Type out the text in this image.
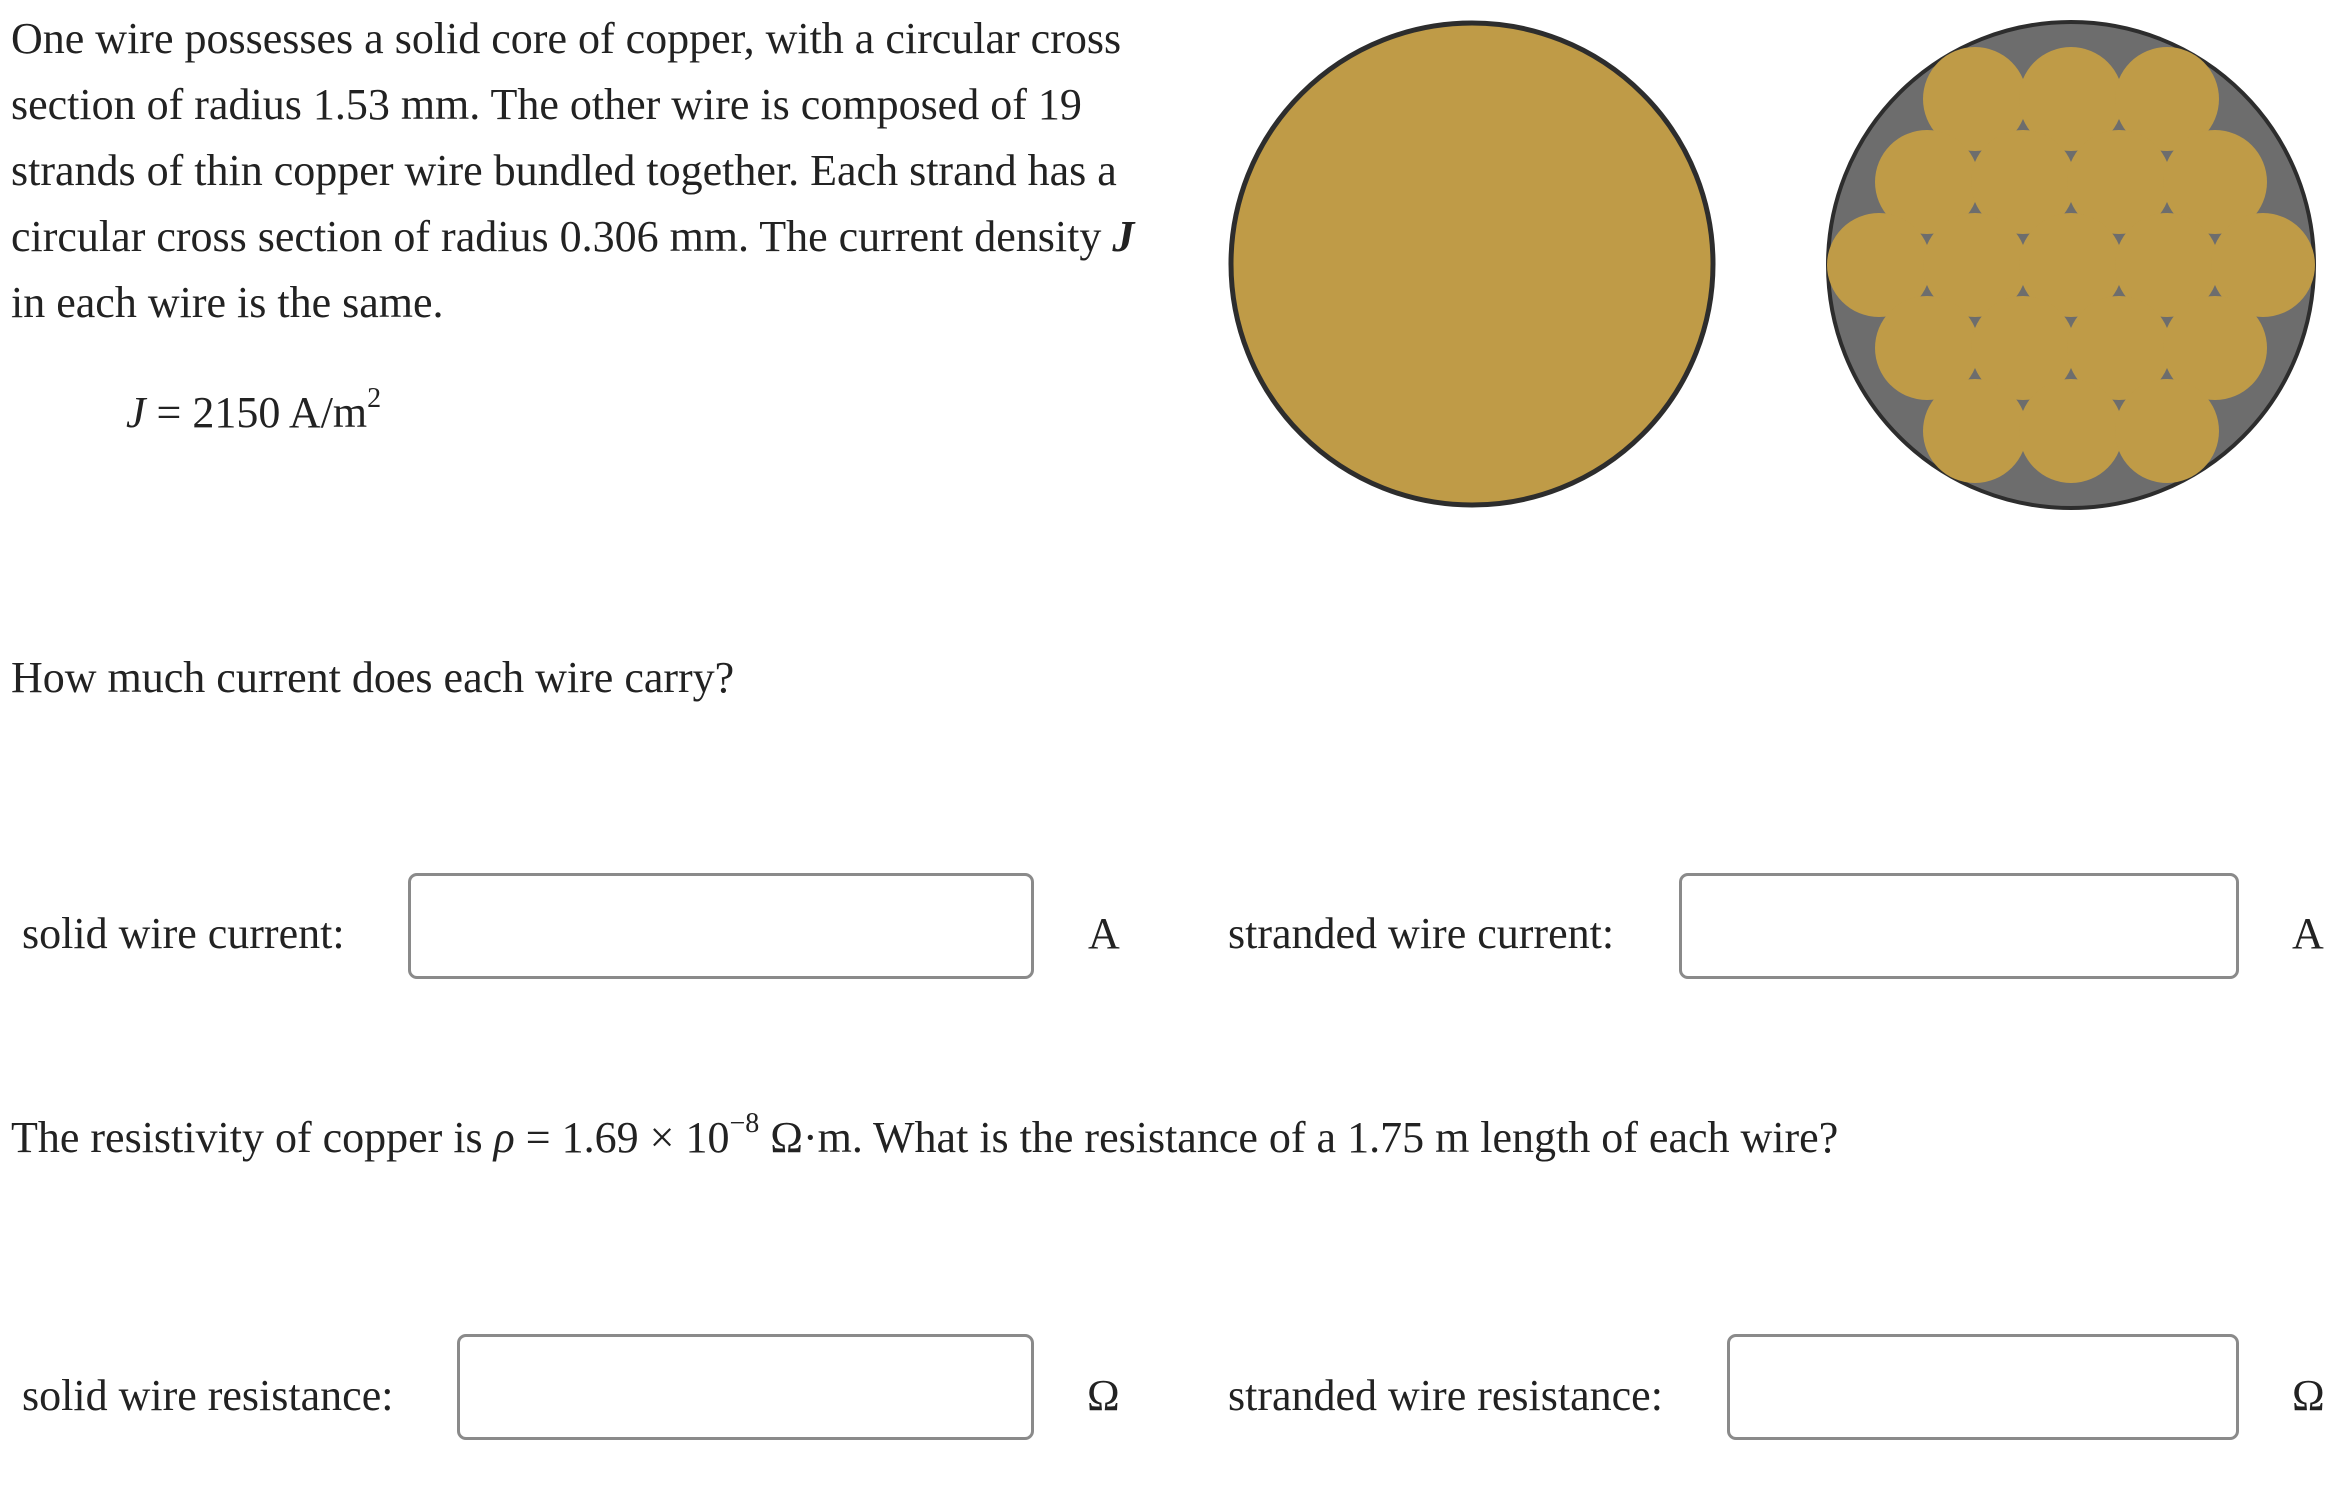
One wire possesses a solid core of copper, with a circular cross section of radius 1.53 mm. The other wire is composed of 19 strands of thin copper wire bundled together. Each strand has a circular cross section of radius 0.306 mm. The current density J in each wire is the same.

J = 2150 $A/m^2$
How much current does each wire carry?
solid wire current:	A stranded wire current:	A
The resistivity of copper is $\rho = 1.69 \times 10^{-8}$ Ω·m. What is the resistance of a 1.75 m length of each wire?
solid wire resistance:	Ω stranded wire resistance:	Ω
